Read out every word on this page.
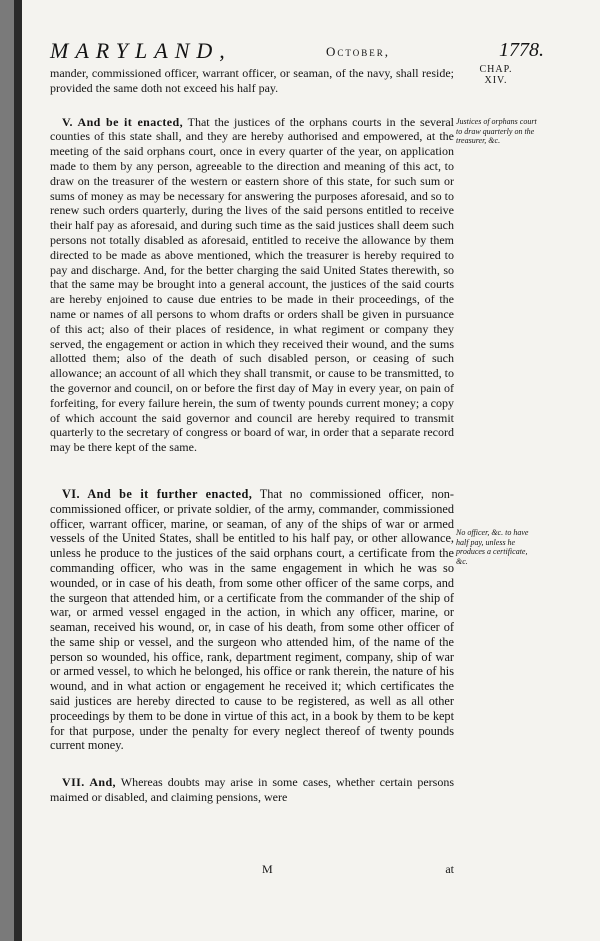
MARYLAND,	October,	1778.
CHAP.
XIV.

mander, commissioned officer, warrant officer, or seaman, of the navy, shall reside; provided the same doth not exceed his half pay.

V. And be it enacted, That the justices of the orphans courts in the several counties of this state shall, and they are hereby authorised and empowered, at the meeting of the said orphans court, once in every quarter of the year, on application made to them by any person, agreeable to the direction and meaning of this act, to draw on the treasurer of the western or eastern shore of this state, for such sum or sums of money as may be necessary for answering the purposes aforesaid, and so to renew such orders quarterly, during the lives of the said persons entitled to receive their half pay as aforesaid, and during such time as the said justices shall deem such persons not totally disabled as aforesaid, entitled to receive the allowance by them directed to be made as above mentioned, which the treasurer is hereby required to pay and discharge. And, for the better charging the said United States therewith, so that the same may be brought into a general account, the justices of the said courts are hereby enjoined to cause due entries to be made in their proceedings, of the name or names of all persons to whom drafts or orders shall be given in pursuance of this act; also of their places of residence, in what regiment or company they served, the engagement or action in which they received their wound, and the sums allotted them; also of the death of such disabled person, or ceasing of such allowance; an account of all which they shall transmit, or cause to be transmitted, to the governor and council, on or before the first day of May in every year, on pain of forfeiting, for every failure herein, the sum of twenty pounds current money; a copy of which account the said governor and council are hereby required to transmit quarterly to the secretary of congress or board of war, in order that a separate record may be there kept of the same.

VI. And be it further enacted, That no commissioned officer, non-commissioned officer, or private soldier, of the army, commander, commissioned officer, warrant officer, marine, or seaman, of any of the ships of war or armed vessels of the United States, shall be entitled to his half pay, or other allowance, unless he produce to the justices of the said orphans court, a certificate from the commanding officer, who was in the same engagement in which he was so wounded, or in case of his death, from some other officer of the same corps, and the surgeon that attended him, or a certificate from the commander of the ship of war, or armed vessel engaged in the action, in which any officer, marine, or seaman, received his wound, or, in case of his death, from some other officer of the same ship or vessel, and the surgeon who attended him, of the name of the person so wounded, his office, rank, department regiment, company, ship of war or armed vessel, to which he belonged, his office or rank therein, the nature of his wound, and in what action or engagement he received it; which certificates the said justices are hereby directed to cause to be registered, as well as all other proceedings by them to be done in virtue of this act, in a book by them to be kept for that purpose, under the penalty for every neglect thereof of twenty pounds current money.

VII. And, Whereas doubts may arise in some cases, whether certain persons maimed or disabled, and claiming pensions, were

Justices of orphans court to draw quarterly on the treasurer, &c.
No officer, &c. to have half pay, unless he produces a certificate, &c.
M	at
